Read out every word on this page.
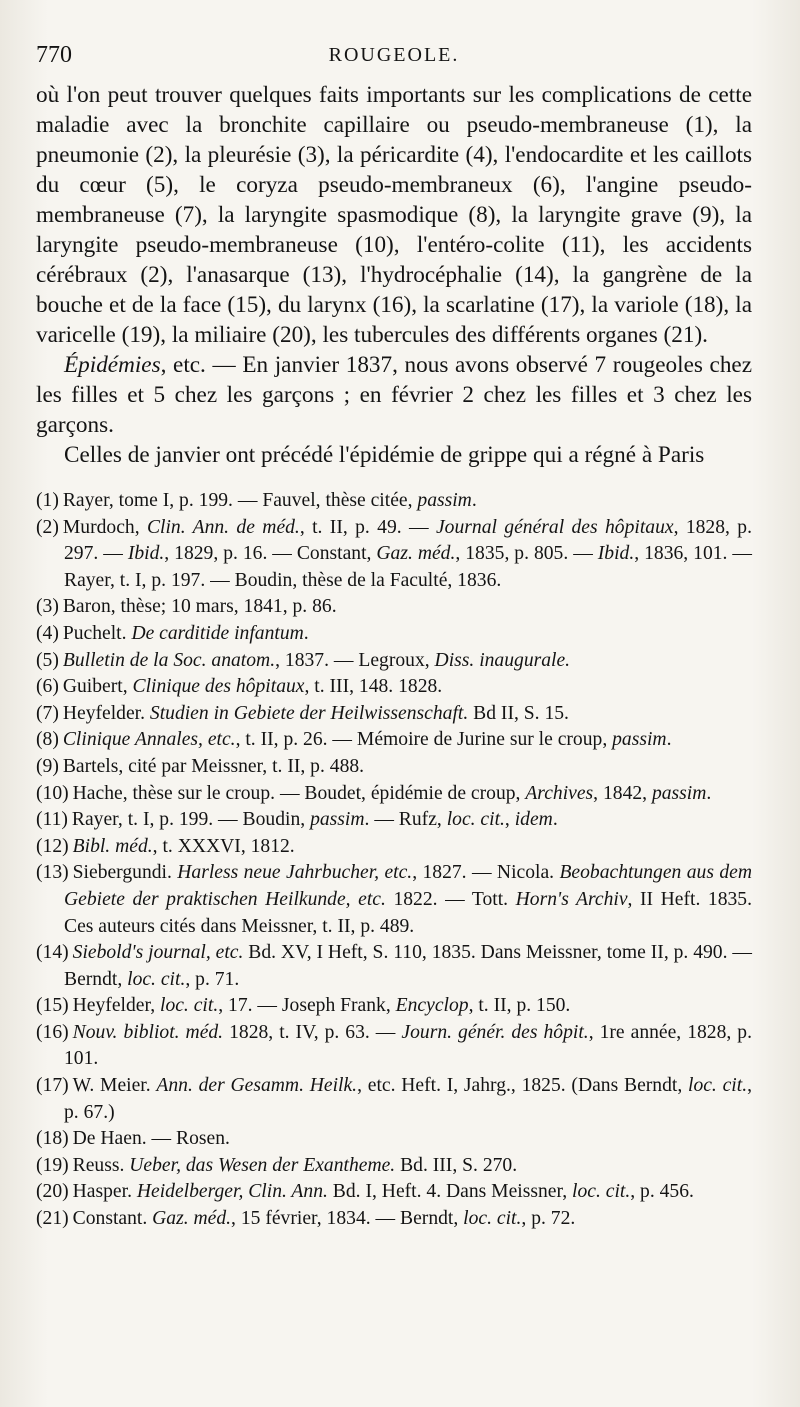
770	ROUGEOLE.

où l'on peut trouver quelques faits importants sur les complications de cette maladie avec la bronchite capillaire ou pseudo-membraneuse (1), la pneumonie (2), la pleurésie (3), la péricardite (4), l'endocardite et les caillots du cœur (5), le coryza pseudo-membraneux (6), l'angine pseudo-membraneuse (7), la laryngite spasmodique (8), la laryngite grave (9), la laryngite pseudo-membraneuse (10), l'entéro-colite (11), les accidents cérébraux (2), l'anasarque (13), l'hydrocéphalie (14), la gangrène de la bouche et de la face (15), du larynx (16), la scarlatine (17), la variole (18), la varicelle (19), la miliaire (20), les tubercules des différents organes (21).

Épidémies, etc. — En janvier 1837, nous avons observé 7 rougeoles chez les filles et 5 chez les garçons ; en février 2 chez les filles et 3 chez les garçons.

Celles de janvier ont précédé l'épidémie de grippe qui a régné à Paris

(1) Rayer, tome I, p. 199. — Fauvel, thèse citée, passim.

(2) Murdoch, Clin. Ann. de méd., t. II, p. 49. — Journal général des hôpitaux, 1828, p. 297. — Ibid., 1829, p. 16. — Constant, Gaz. méd., 1835, p. 805. — Ibid., 1836, 101. — Rayer, t. I, p. 197. — Boudin, thèse de la Faculté, 1836.

(3) Baron, thèse; 10 mars, 1841, p. 86.

(4) Puchelt. De carditide infantum.

(5) Bulletin de la Soc. anatom., 1837. — Legroux, Diss. inaugurale.

(6) Guibert, Clinique des hôpitaux, t. III, 148. 1828.

(7) Heyfelder. Studien in Gebiete der Heilwissenschaft. Bd II, S. 15.

(8) Clinique Annales, etc., t. II, p. 26. — Mémoire de Jurine sur le croup, passim.

(9) Bartels, cité par Meissner, t. II, p. 488.

(10) Hache, thèse sur le croup. — Boudet, épidémie de croup, Archives, 1842, passim.

(11) Rayer, t. I, p. 199. — Boudin, passim. — Rufz, loc. cit., idem.

(12) Bibl. méd., t. XXXVI, 1812.

(13) Siebergundi. Harless neue Jahrbucher, etc., 1827. — Nicola. Beobachtungen aus dem Gebiete der praktischen Heilkunde, etc. 1822. — Tott. Horn's Archiv, II Heft. 1835. Ces auteurs cités dans Meissner, t. II, p. 489.

(14) Siebold's journal, etc. Bd. XV, I Heft, S. 110, 1835. Dans Meissner, tome II, p. 490. — Berndt, loc. cit., p. 71.

(15) Heyfelder, loc. cit., 17. — Joseph Frank, Encyclop, t. II, p. 150.

(16) Nouv. bibliot. méd. 1828, t. IV, p. 63. — Journ. génér. des hôpit., 1re année, 1828, p. 101.

(17) W. Meier. Ann. der Gesamm. Heilk., etc. Heft. I, Jahrg., 1825. (Dans Berndt, loc. cit., p. 67.)

(18) De Haen. — Rosen.

(19) Reuss. Ueber, das Wesen der Exantheme. Bd. III, S. 270.

(20) Hasper. Heidelberger, Clin. Ann. Bd. I, Heft. 4. Dans Meissner, loc. cit., p. 456.

(21) Constant. Gaz. méd., 15 février, 1834. — Berndt, loc. cit., p. 72.
